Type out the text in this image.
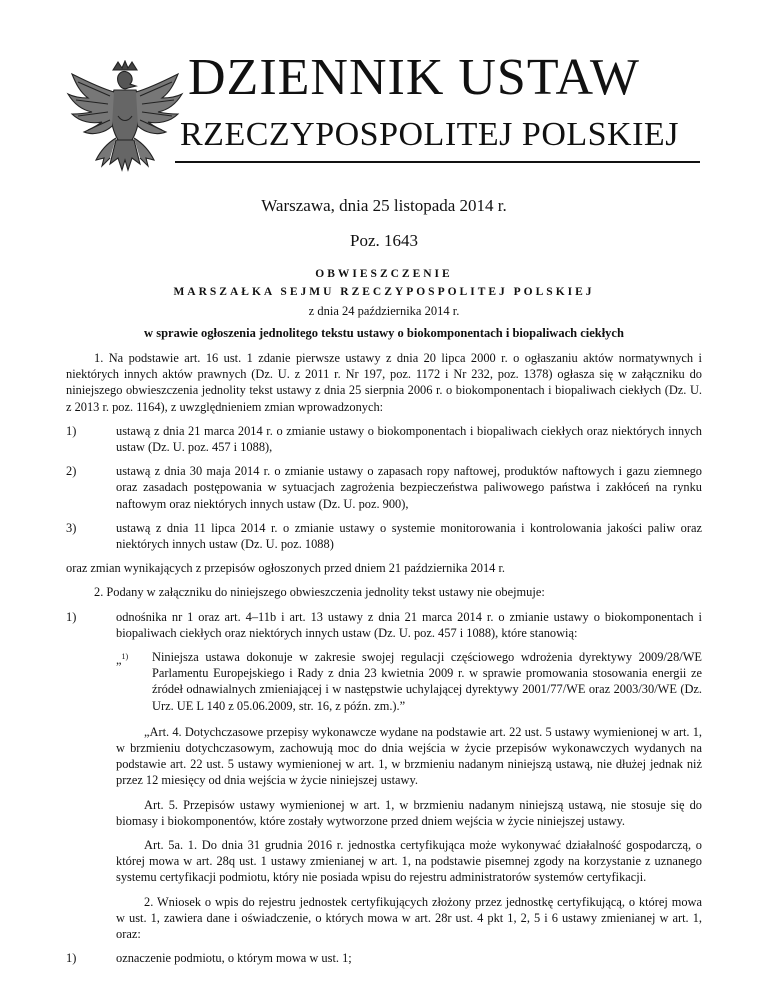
DZIENNIK USTAW
RZECZYPOSPOLITEJ POLSKIEJ
Warszawa, dnia 25 listopada 2014 r.
Poz. 1643
OBWIESZCZENIE
MARSZAŁKA SEJMU RZECZYPOSPOLITEJ POLSKIEJ
z dnia 24 października 2014 r.
w sprawie ogłoszenia jednolitego tekstu ustawy o biokomponentach i biopaliwach ciekłych

1. Na podstawie art. 16 ust. 1 zdanie pierwsze ustawy z dnia 20 lipca 2000 r. o ogłaszaniu aktów normatywnych i niektórych innych aktów prawnych (Dz. U. z 2011 r. Nr 197, poz. 1172 i Nr 232, poz. 1378) ogłasza się w załączniku do niniejszego obwieszczenia jednolity tekst ustawy z dnia 25 sierpnia 2006 r. o biokomponentach i biopaliwach ciekłych (Dz. U. z 2013 r. poz. 1164), z uwzględnieniem zmian wprowadzonych:

1)	ustawą z dnia 21 marca 2014 r. o zmianie ustawy o biokomponentach i biopaliwach ciekłych oraz niektórych innych ustaw (Dz. U. poz. 457 i 1088),
2)	ustawą z dnia 30 maja 2014 r. o zmianie ustawy o zapasach ropy naftowej, produktów naftowych i gazu ziemnego oraz zasadach postępowania w sytuacjach zagrożenia bezpieczeństwa paliwowego państwa i zakłóceń na rynku naftowym oraz niektórych innych ustaw (Dz. U. poz. 900),
3)	ustawą z dnia 11 lipca 2014 r. o zmianie ustawy o systemie monitorowania i kontrolowania jakości paliw oraz niektórych innych ustaw (Dz. U. poz. 1088)

oraz zmian wynikających z przepisów ogłoszonych przed dniem 21 października 2014 r.

2. Podany w załączniku do niniejszego obwieszczenia jednolity tekst ustawy nie obejmuje:

1)	odnośnika nr 1 oraz art. 4–11b i art. 13 ustawy z dnia 21 marca 2014 r. o zmianie ustawy o biokomponentach i biopaliwach ciekłych oraz niektórych innych ustaw (Dz. U. poz. 457 i 1088), które stanowią:
„$^{1)}$	Niniejsza ustawa dokonuje w zakresie swojej regulacji częściowego wdrożenia dyrektywy 2009/28/WE Parlamentu Europejskiego i Rady z dnia 23 kwietnia 2009 r. w sprawie promowania stosowania energii ze źródeł odnawialnych zmieniającej i w następstwie uchylającej dyrektywy 2001/77/WE oraz 2003/30/WE (Dz. Urz. UE L 140 z 05.06.2009, str. 16, z późn. zm.).”

„Art. 4. Dotychczasowe przepisy wykonawcze wydane na podstawie art. 22 ust. 5 ustawy wymienionej w art. 1, w brzmieniu dotychczasowym, zachowują moc do dnia wejścia w życie przepisów wykonawczych wydanych na podstawie art. 22 ust. 5 ustawy wymienionej w art. 1, w brzmieniu nadanym niniejszą ustawą, nie dłużej jednak niż przez 12 miesięcy od dnia wejścia w życie niniejszej ustawy.

Art. 5. Przepisów ustawy wymienionej w art. 1, w brzmieniu nadanym niniejszą ustawą, nie stosuje się do biomasy i biokomponentów, które zostały wytworzone przed dniem wejścia w życie niniejszej ustawy.

Art. 5a. 1. Do dnia 31 grudnia 2016 r. jednostka certyfikująca może wykonywać działalność gospodarczą, o której mowa w art. 28q ust. 1 ustawy zmienianej w art. 1, na podstawie pisemnej zgody na korzystanie z uznanego systemu certyfikacji podmiotu, który nie posiada wpisu do rejestru administratorów systemów certyfikacji.

2. Wniosek o wpis do rejestru jednostek certyfikujących złożony przez jednostkę certyfikującą, o której mowa w ust. 1, zawiera dane i oświadczenie, o których mowa w art. 28r ust. 4 pkt 1, 2, 5 i 6 ustawy zmienianej w art. 1, oraz:

1)	oznaczenie podmiotu, o którym mowa w ust. 1;
